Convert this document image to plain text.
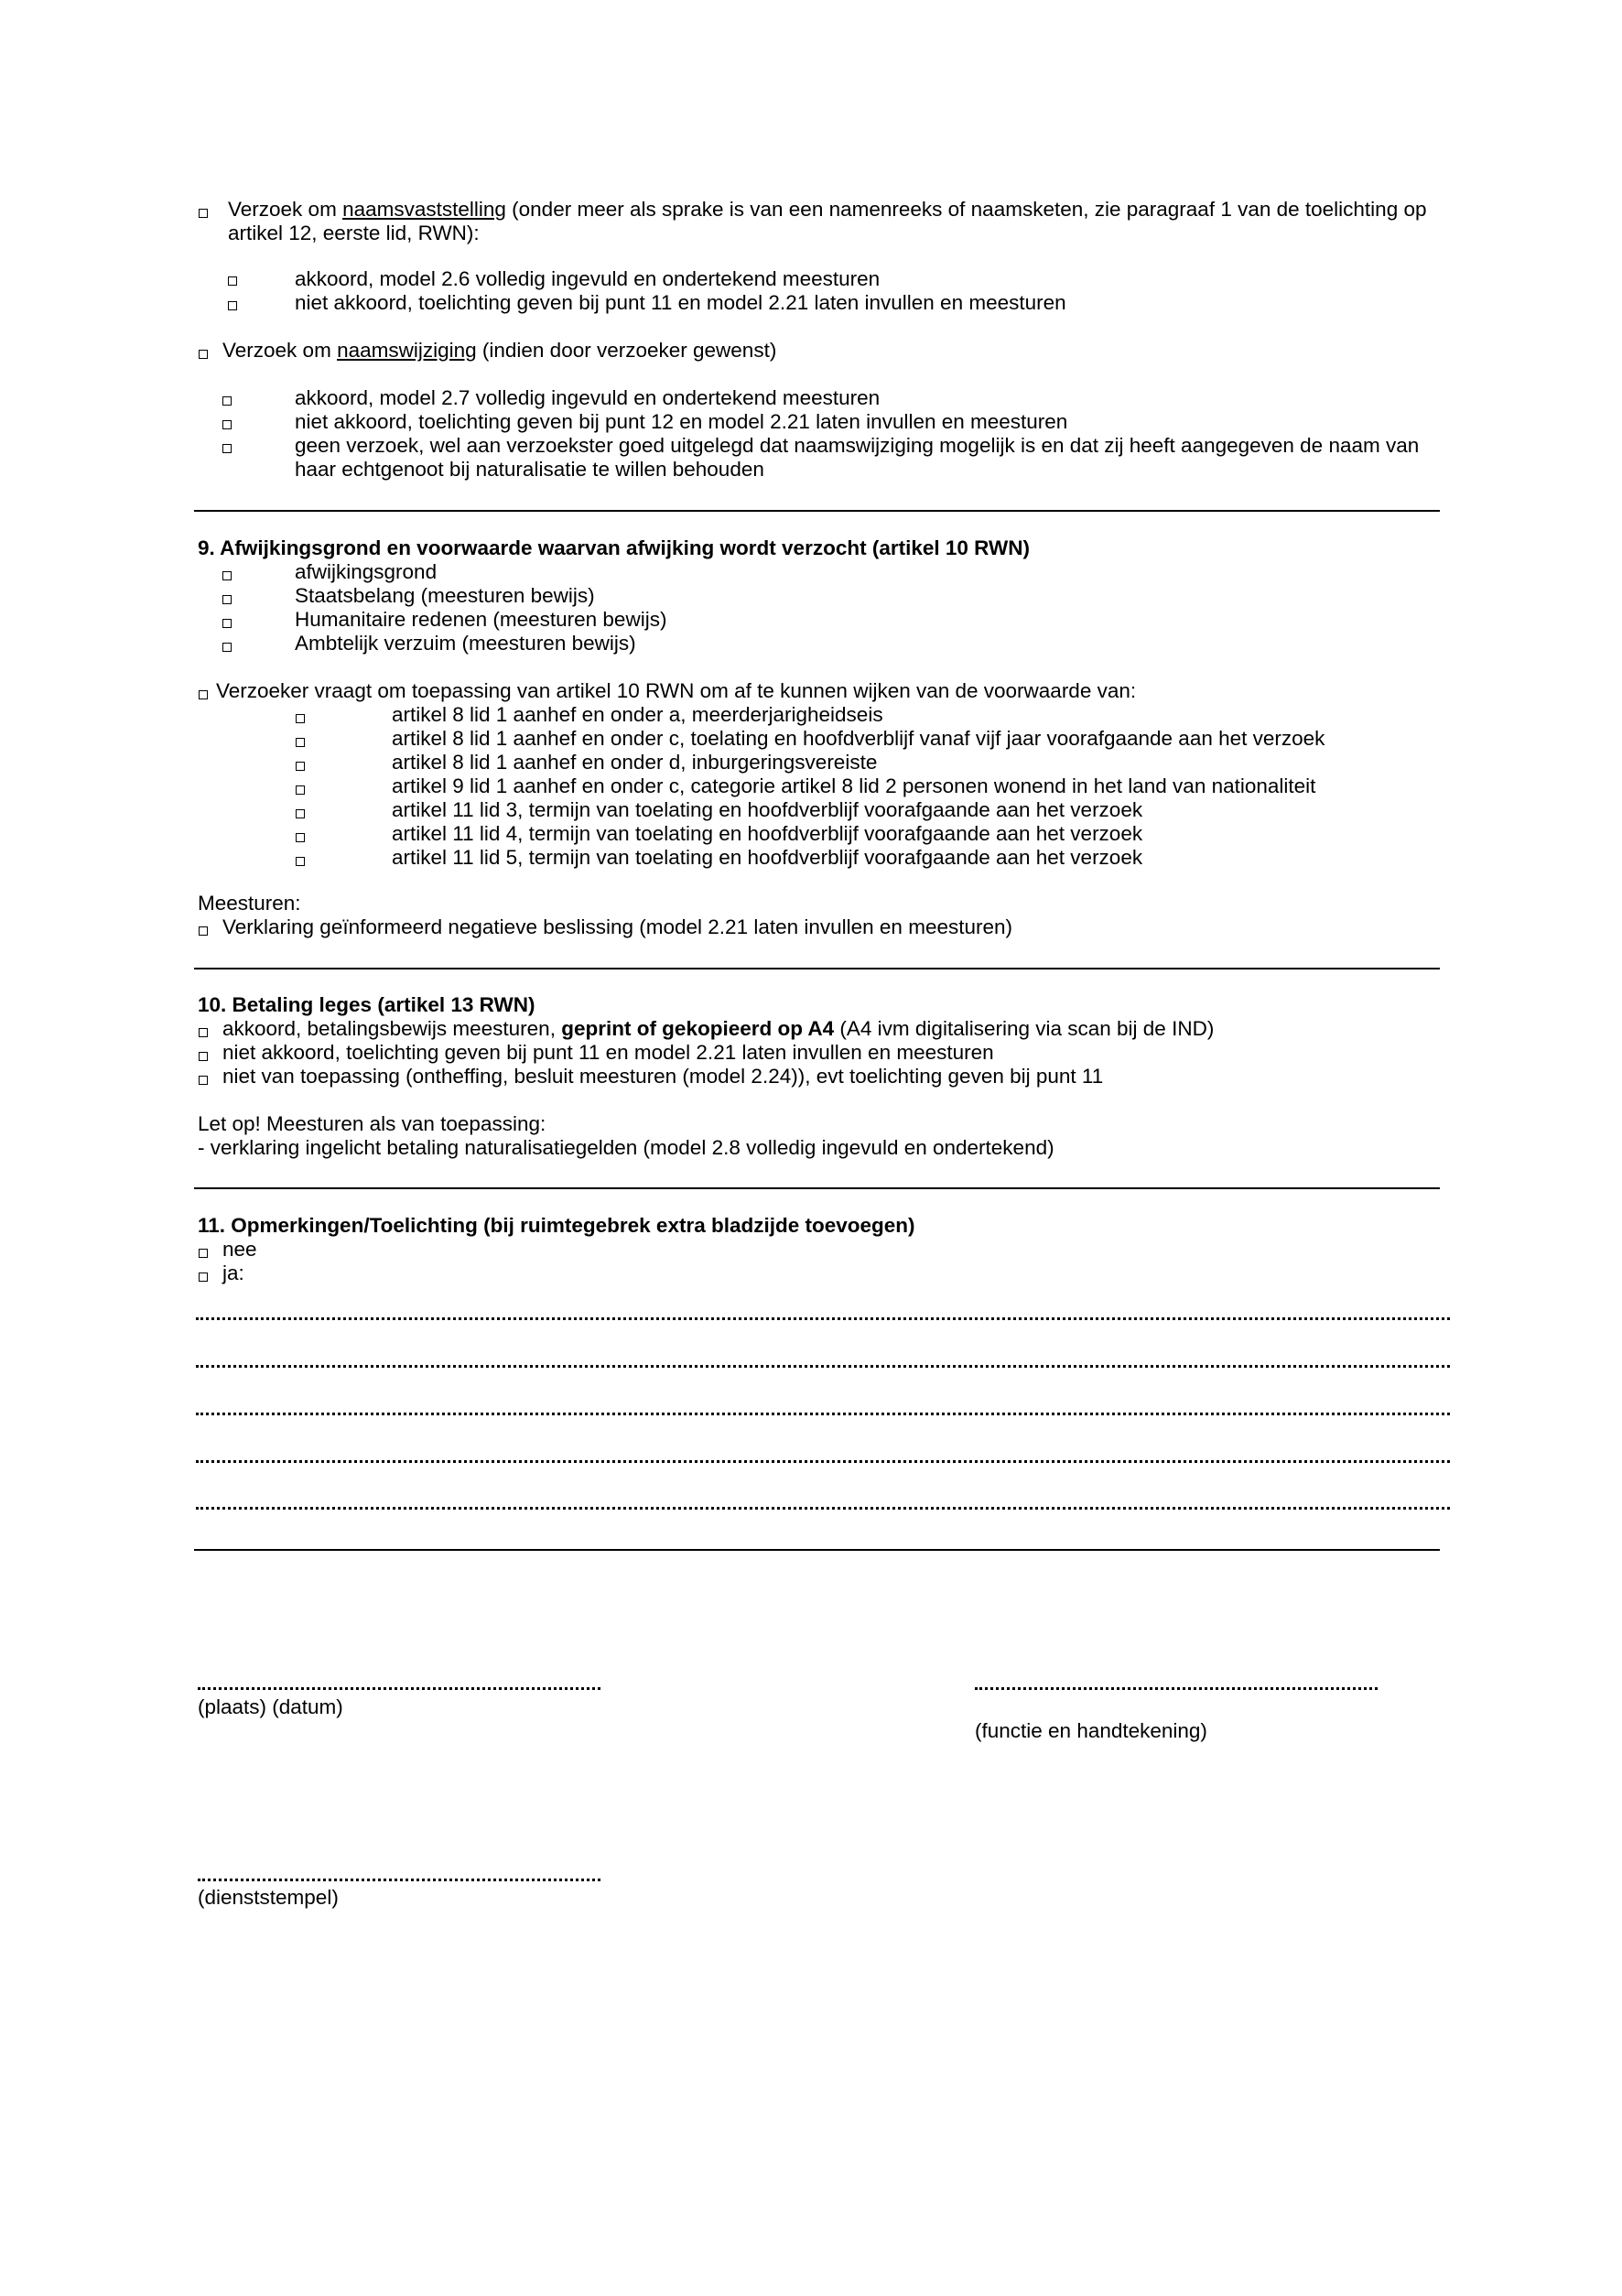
Verzoek om naamsvaststelling (onder meer als sprake is van een namenreeks of naamsketen, zie paragraaf 1 van de toelichting op
artikel 12, eerste lid, RWN):
akkoord, model 2.6 volledig ingevuld en ondertekend meesturen
niet akkoord, toelichting geven bij punt 11 en model 2.21 laten invullen en meesturen
Verzoek om naamswijziging (indien door verzoeker gewenst)
akkoord, model 2.7 volledig ingevuld en ondertekend meesturen
niet akkoord, toelichting geven bij punt 12 en model 2.21 laten invullen en meesturen
geen verzoek, wel aan verzoekster goed uitgelegd dat naamswijziging mogelijk is en dat zij heeft aangegeven de naam van
haar echtgenoot bij naturalisatie te willen behouden
9. Afwijkingsgrond en voorwaarde waarvan afwijking wordt verzocht (artikel 10 RWN)
afwijkingsgrond
Staatsbelang (meesturen bewijs)
Humanitaire redenen (meesturen bewijs)
Ambtelijk verzuim (meesturen bewijs)
Verzoeker vraagt om toepassing van artikel 10 RWN om af te kunnen wijken van de voorwaarde van:
artikel 8 lid 1 aanhef en onder a, meerderjarigheidseis
artikel 8 lid 1 aanhef en onder c, toelating en hoofdverblijf vanaf vijf jaar voorafgaande aan het verzoek
artikel 8 lid 1 aanhef en onder d, inburgeringsvereiste
artikel 9 lid 1 aanhef en onder c, categorie artikel 8 lid 2 personen wonend in het land van nationaliteit
artikel 11 lid 3, termijn van toelating en hoofdverblijf voorafgaande aan het verzoek
artikel 11 lid 4, termijn van toelating en hoofdverblijf voorafgaande aan het verzoek
artikel 11 lid 5, termijn van toelating en hoofdverblijf voorafgaande aan het verzoek
Meesturen:
Verklaring geïnformeerd negatieve beslissing (model 2.21 laten invullen en meesturen)
10. Betaling leges (artikel 13 RWN)
akkoord, betalingsbewijs meesturen, geprint of gekopieerd op A4 (A4 ivm digitalisering via scan bij de IND)
niet akkoord, toelichting geven bij punt 11 en model 2.21 laten invullen en meesturen
niet van toepassing (ontheffing, besluit meesturen (model 2.24)), evt toelichting geven bij punt 11
Let op! Meesturen als van toepassing:
- verklaring ingelicht betaling naturalisatiegelden (model 2.8 volledig ingevuld en ondertekend)
11. Opmerkingen/Toelichting (bij ruimtegebrek extra bladzijde toevoegen)
nee
ja:
(plaats) (datum)
(functie en handtekening)
(dienststempel)
